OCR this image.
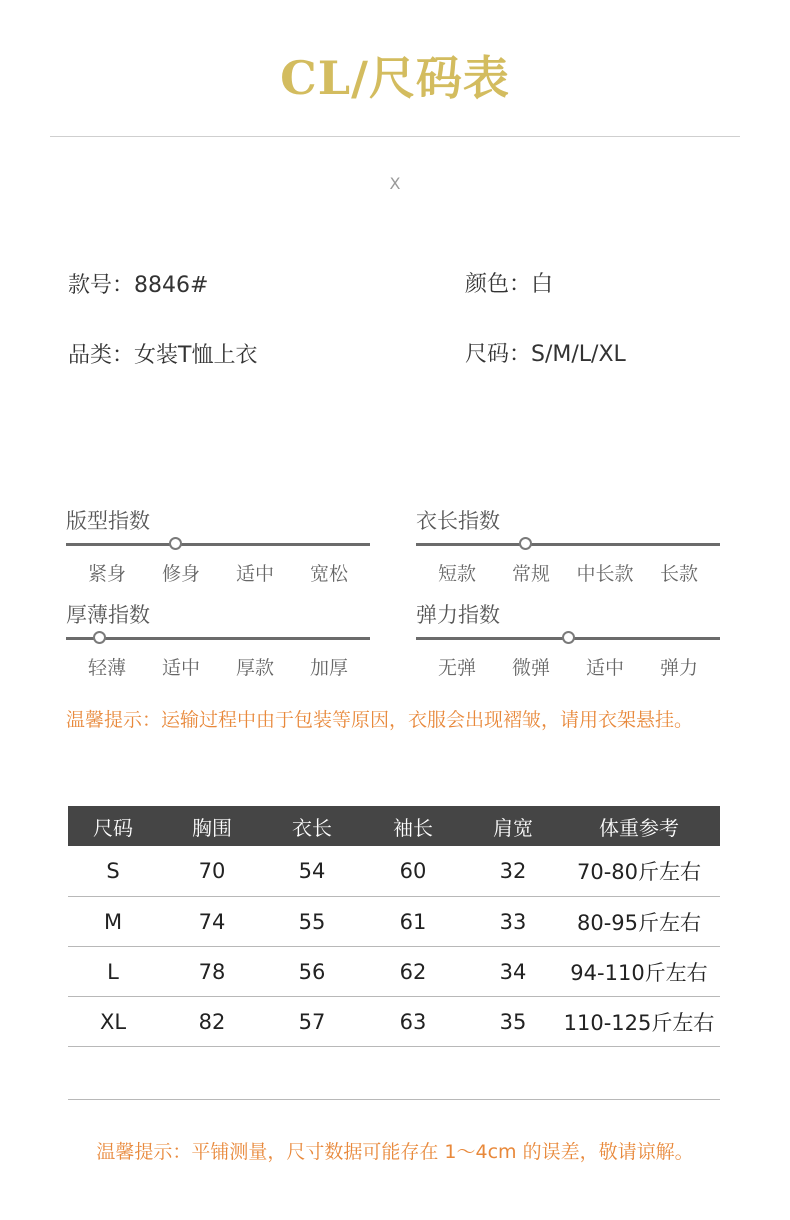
CL/尺码表
X
款号：8846#	颜色：白
品类：女装T恤上衣	尺码：S/M/L/XL
版型指数
紧身	修身	适中	宽松
衣长指数
短款	常规	中长款	长款
厚薄指数
轻薄	适中	厚款	加厚
弹力指数
无弹	微弹	适中	弹力
温馨提示：运输过程中由于包装等原因，衣服会出现褶皱，请用衣架悬挂。
尺码	胸围	衣长	袖长	肩宽	体重参考
S	70	54	60	32	70-80斤左右
M	74	55	61	33	80-95斤左右
L	78	56	62	34	94-110斤左右
XL	82	57	63	35	110-125斤左右
温馨提示：平铺测量，尺寸数据可能存在 1～4cm 的误差，敬请谅解。
